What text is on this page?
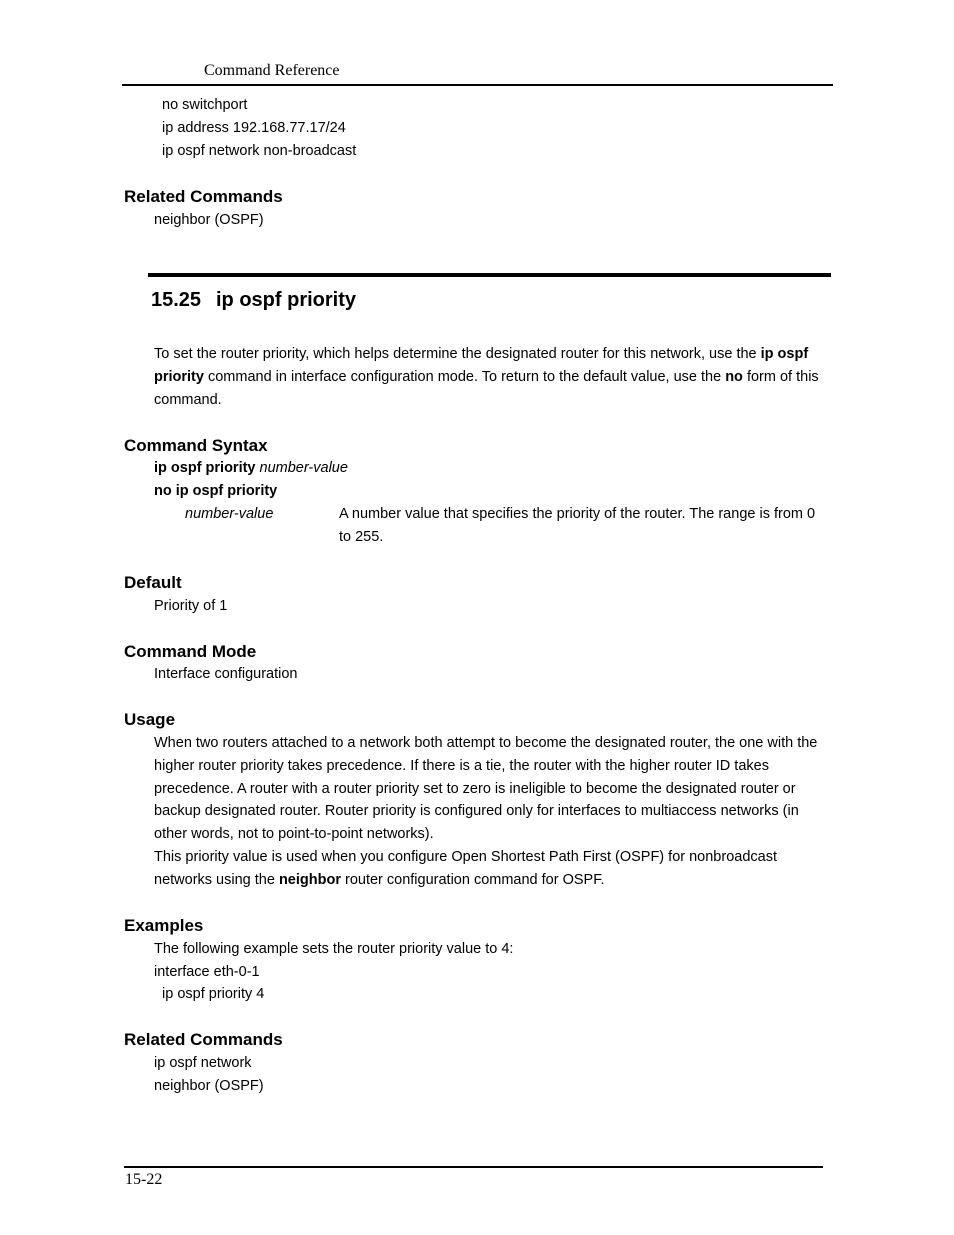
Command Reference
no switchport
ip address 192.168.77.17/24
ip ospf network non-broadcast
Related Commands
neighbor (OSPF)
15.25 ip ospf priority
To set the router priority, which helps determine the designated router for this network, use the ip ospf
priority command in interface configuration mode. To return to the default value, use the no form of this
command.
Command Syntax
ip ospf priority number-value
no ip ospf priority
number-value	A number value that specifies the priority of the router. The range is from 0
to 255.
Default
Priority of 1
Command Mode
Interface configuration
Usage
When two routers attached to a network both attempt to become the designated router, the one with the
higher router priority takes precedence. If there is a tie, the router with the higher router ID takes
precedence. A router with a router priority set to zero is ineligible to become the designated router or
backup designated router. Router priority is configured only for interfaces to multiaccess networks (in
other words, not to point-to-point networks).
This priority value is used when you configure Open Shortest Path First (OSPF) for nonbroadcast
networks using the neighbor router configuration command for OSPF.
Examples
The following example sets the router priority value to 4:
interface eth-0-1
ip ospf priority 4
Related Commands
ip ospf network
neighbor (OSPF)
15-22
